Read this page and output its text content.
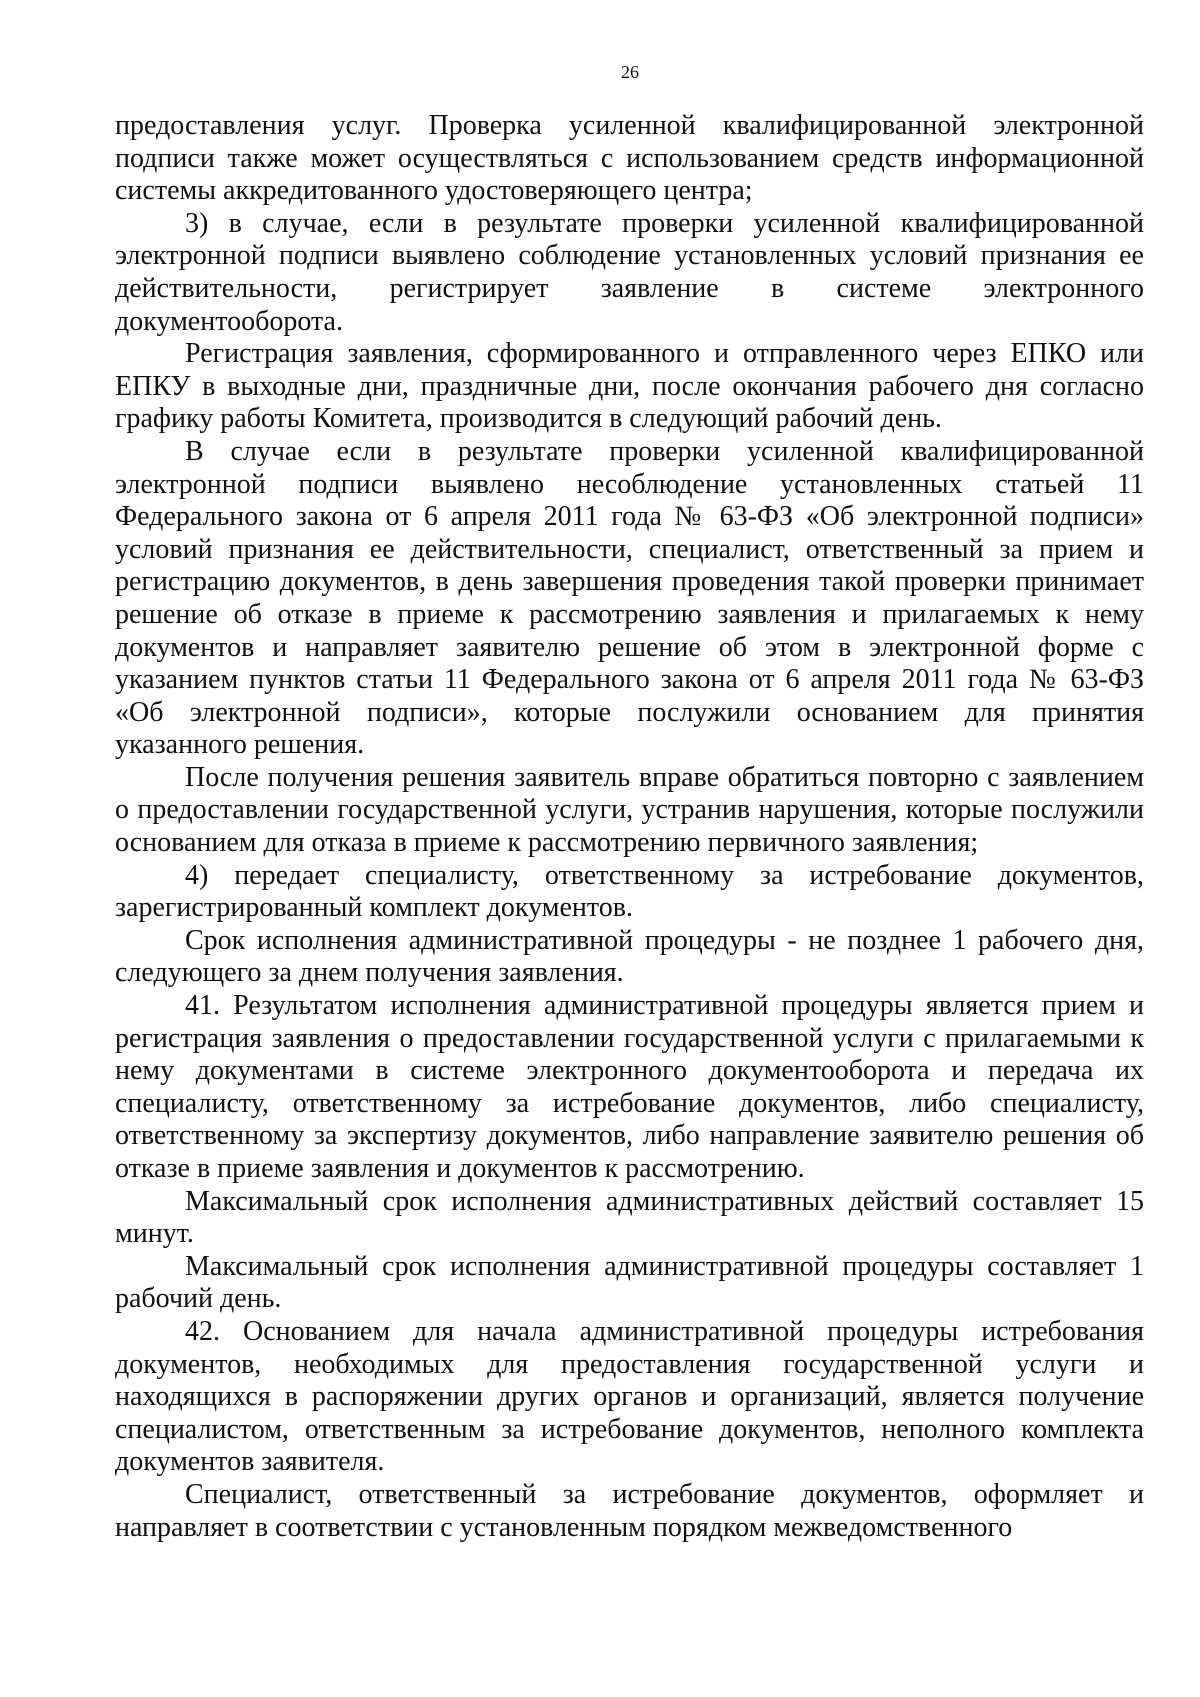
26

предоставления услуг. Проверка усиленной квалифицированной электронной подписи также может осуществляться с использованием средств информационной системы аккредитованного удостоверяющего центра;

3) в случае, если в результате проверки усиленной квалифицированной электронной подписи выявлено соблюдение установленных условий признания ее действительности, регистрирует заявление в системе электронного документооборота.

Регистрация заявления, сформированного и отправленного через ЕПКО или ЕПКУ в выходные дни, праздничные дни, после окончания рабочего дня согласно графику работы Комитета, производится в следующий рабочий день.

В случае если в результате проверки усиленной квалифицированной электронной подписи выявлено несоблюдение установленных статьей 11 Федерального закона от 6 апреля 2011 года № 63-ФЗ «Об электронной подписи» условий признания ее действительности, специалист, ответственный за прием и регистрацию документов, в день завершения проведения такой проверки принимает решение об отказе в приеме к рассмотрению заявления и прилагаемых к нему документов и направляет заявителю решение об этом в электронной форме с указанием пунктов статьи 11 Федерального закона от 6 апреля 2011 года № 63-ФЗ «Об электронной подписи», которые послужили основанием для принятия указанного решения.

После получения решения заявитель вправе обратиться повторно с заявлением о предоставлении государственной услуги, устранив нарушения, которые послужили основанием для отказа в приеме к рассмотрению первичного заявления;

4) передает специалисту, ответственному за истребование документов, зарегистрированный комплект документов.

Срок исполнения административной процедуры - не позднее 1 рабочего дня, следующего за днем получения заявления.

41. Результатом исполнения административной процедуры является прием и регистрация заявления о предоставлении государственной услуги с прилагаемыми к нему документами в системе электронного документооборота и передача их специалисту, ответственному за истребование документов, либо специалисту, ответственному за экспертизу документов, либо направление заявителю решения об отказе в приеме заявления и документов к рассмотрению.

Максимальный срок исполнения административных действий составляет 15 минут.

Максимальный срок исполнения административной процедуры составляет 1 рабочий день.

42. Основанием для начала административной процедуры истребования документов, необходимых для предоставления государственной услуги и находящихся в распоряжении других органов и организаций, является получение специалистом, ответственным за истребование документов, неполного комплекта документов заявителя.

Специалист, ответственный за истребование документов, оформляет и направляет в соответствии с установленным порядком межведомственного
